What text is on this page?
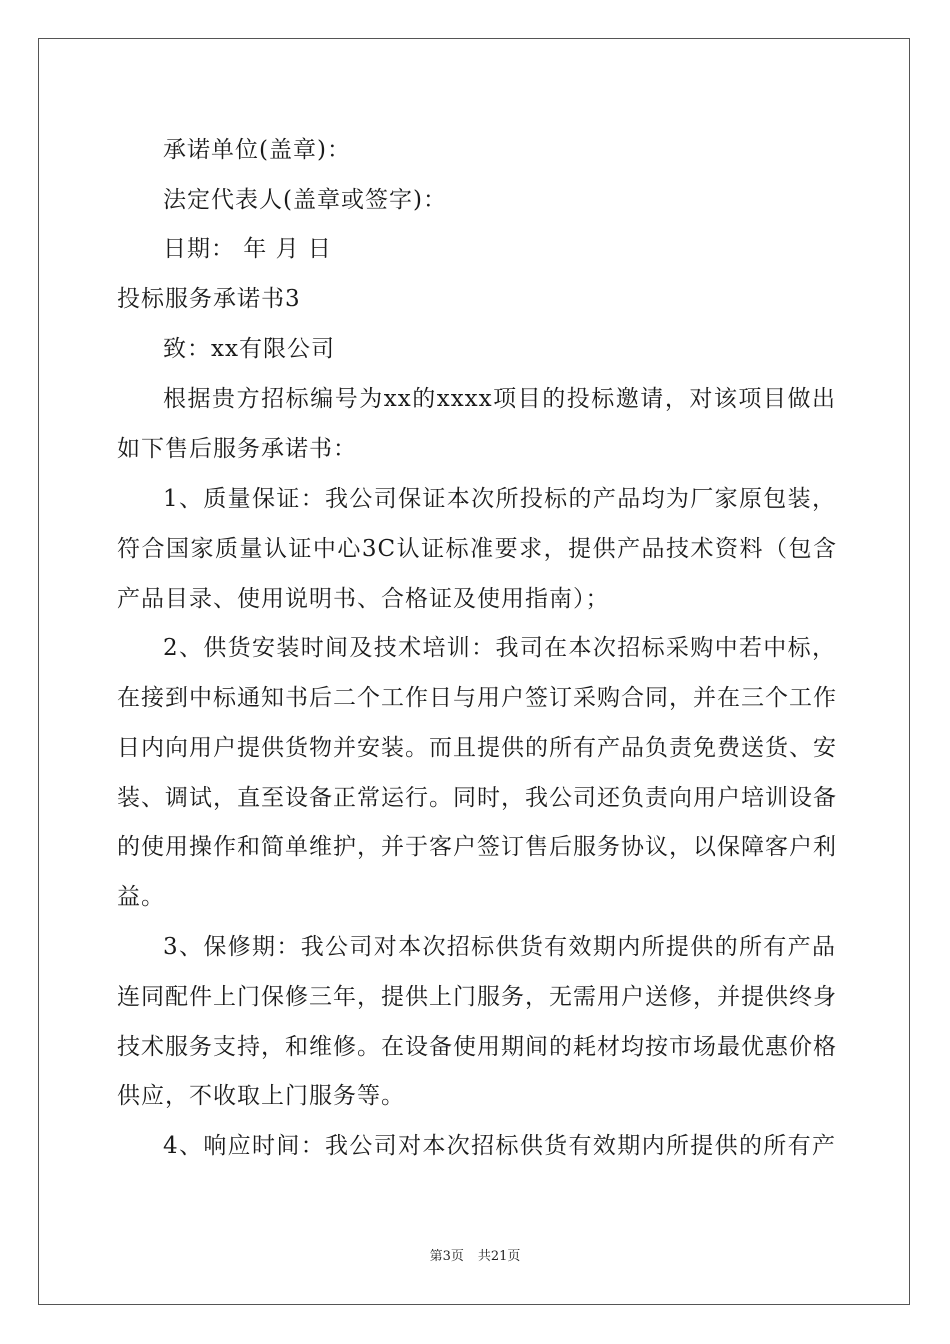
承诺单位(盖章)：
法定代表人(盖章或签字)：
日期： 年 月 日
投标服务承诺书3
致：xx有限公司
根据贵方招标编号为xx的xxxx项目的投标邀请，对该项目做出
如下售后服务承诺书：
1、质量保证：我公司保证本次所投标的产品均为厂家原包装，
符合国家质量认证中心3C认证标准要求，提供产品技术资料（包含
产品目录、使用说明书、合格证及使用指南）；
2、供货安装时间及技术培训：我司在本次招标采购中若中标，
在接到中标通知书后二个工作日与用户签订采购合同，并在三个工作
日内向用户提供货物并安装。而且提供的所有产品负责免费送货、安
装、调试，直至设备正常运行。同时，我公司还负责向用户培训设备
的使用操作和简单维护，并于客户签订售后服务协议，以保障客户利
益。
3、保修期：我公司对本次招标供货有效期内所提供的所有产品
连同配件上门保修三年，提供上门服务，无需用户送修，并提供终身
技术服务支持，和维修。在设备使用期间的耗材均按市场最优惠价格
供应，不收取上门服务等。
4、响应时间：我公司对本次招标供货有效期内所提供的所有产
第3页 共21页
